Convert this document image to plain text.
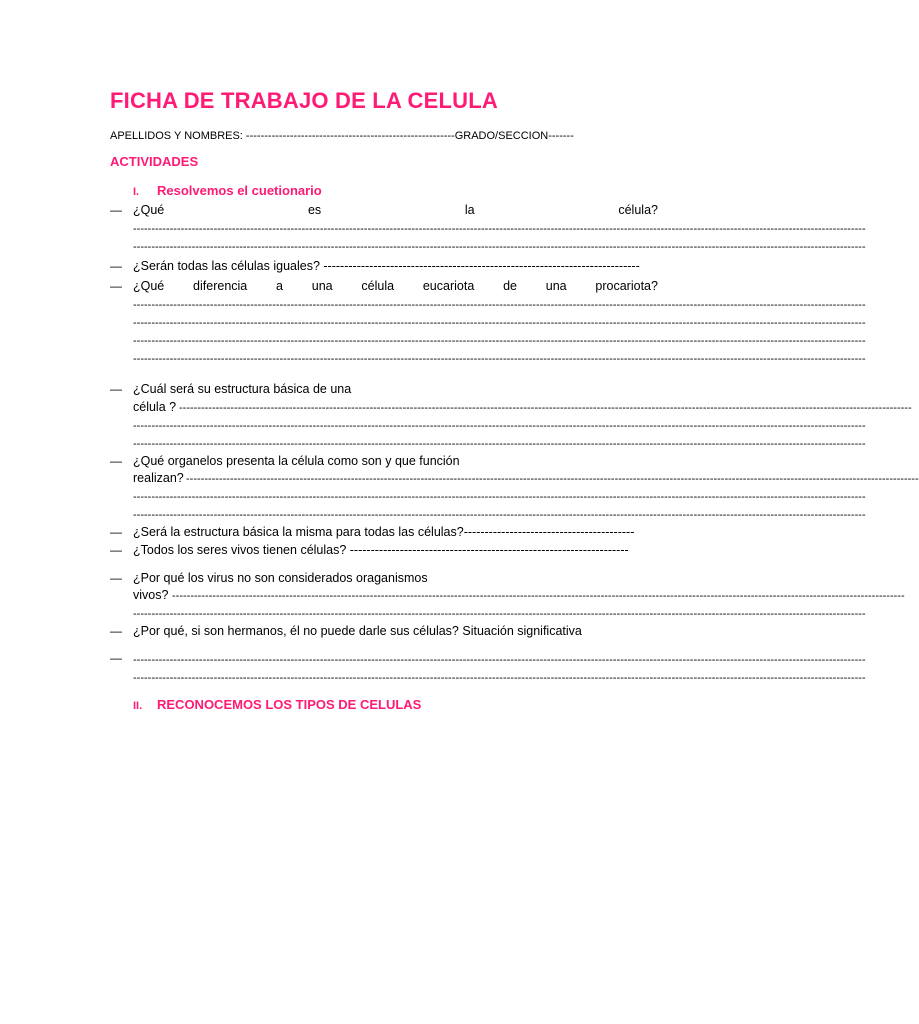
FICHA DE TRABAJO DE LA CELULA
APELLIDOS Y NOMBRES: ---------------------------------------------------------GRADO/SECCION-------
ACTIVIDADES
I. Resolvemos el cuetionario
— ¿Qué	es	la	célula?
--------------------------------------------------------------------------------------------------------------------------------------------------------------------------------------------------------
--------------------------------------------------------------------------------------------------------------------------------------------------------------------------------------------------------
— ¿Serán todas las células iguales? ----------------------------------------------------------------------------
— ¿Qué diferencia a una célula eucariota de una procariota?
--------------------------------------------------------------------------------------------------------------------------------------------------------------------------------------------------------
--------------------------------------------------------------------------------------------------------------------------------------------------------------------------------------------------------
--------------------------------------------------------------------------------------------------------------------------------------------------------------------------------------------------------
--------------------------------------------------------------------------------------------------------------------------------------------------------------------------------------------------------
— ¿Cuál será su estructura básica de una
célula ? --------------------------------------------------------------------------------------------------------------------------------------------------------------------------------------------------------
--------------------------------------------------------------------------------------------------------------------------------------------------------------------------------------------------------
--------------------------------------------------------------------------------------------------------------------------------------------------------------------------------------------------------
— ¿Qué organelos presenta la célula como son y que función
realizan? --------------------------------------------------------------------------------------------------------------------------------------------------------------------------------------------------------
--------------------------------------------------------------------------------------------------------------------------------------------------------------------------------------------------------
--------------------------------------------------------------------------------------------------------------------------------------------------------------------------------------------------------
— ¿Será la estructura básica la misma para todas las células?-----------------------------------------
— ¿Todos los seres vivos tienen células? -------------------------------------------------------------------
— ¿Por qué los virus no son considerados oraganismos
vivos? --------------------------------------------------------------------------------------------------------------------------------------------------------------------------------------------------------
--------------------------------------------------------------------------------------------------------------------------------------------------------------------------------------------------------
— ¿Por qué, si son hermanos, él no puede darle sus células? Situación significativa
— --------------------------------------------------------------------------------------------------------------------------------------------------------------------------------------------------------
--------------------------------------------------------------------------------------------------------------------------------------------------------------------------------------------------------
II. RECONOCEMOS LOS TIPOS DE CELULAS
